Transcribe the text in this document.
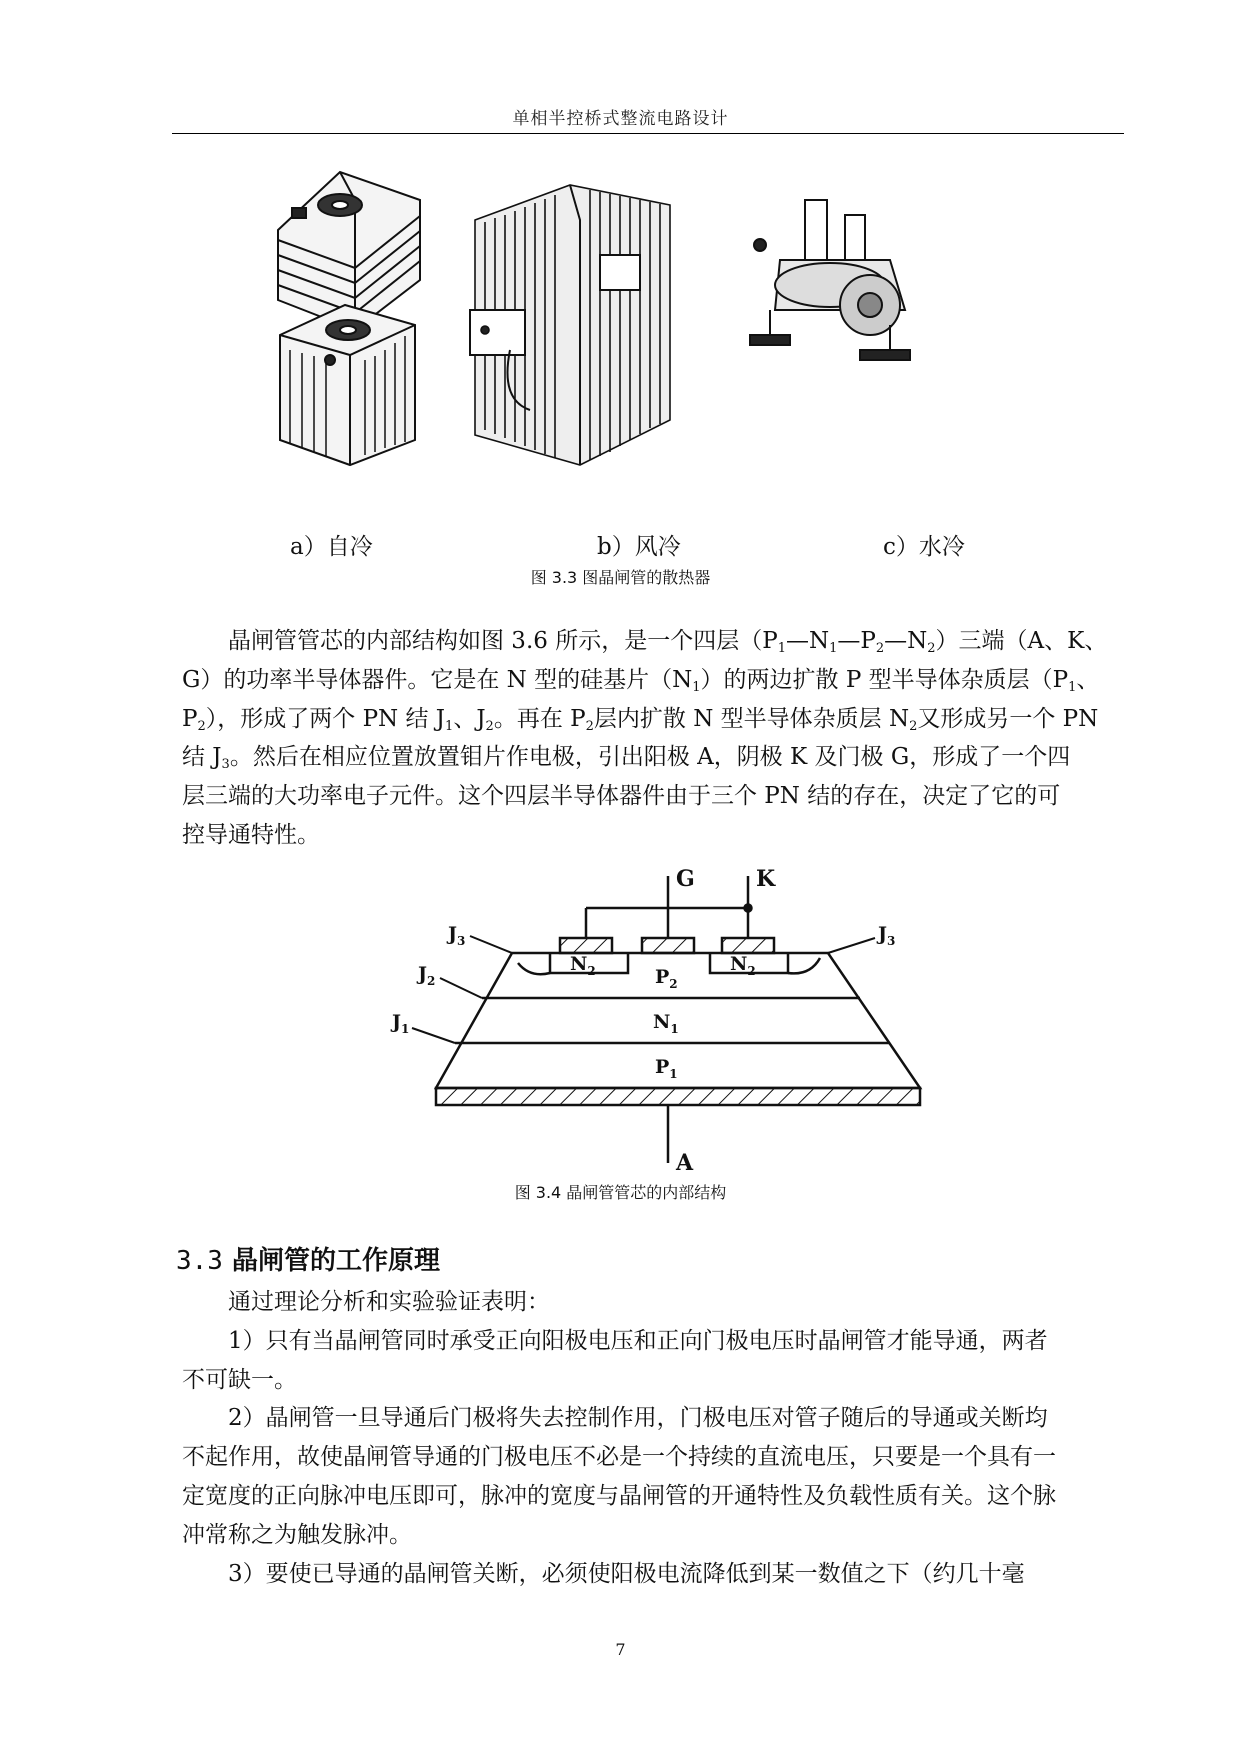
单相半控桥式整流电路设计
a）自冷	b）风冷	c）水冷
图 3.3 图晶闸管的散热器
晶闸管管芯的内部结构如图 3.6 所示，是一个四层$(P_1—N_1—P_2—N_2)$三端（A、K、
G）的功率半导体器件。它是在 N 型的硅基片$(N_1)$的两边扩散 P 型半导体杂质层（$P_1$、
$P_2$），形成了两个 PN 结 $J_1$、$J_2$。再在 $P_2$层内扩散 N 型半导体杂质层 $N_2$又形成另一个 PN
结 $J_3$。然后在相应位置放置钼片作电极，引出阳极 A，阴极 K 及门极 G，形成了一个四
层三端的大功率电子元件。这个四层半导体器件由于三个 PN 结的存在，决定了它的可
控导通特性。
G	K
A
$J_3$	$J_3$
$J_2$
$J_1$
$N_2$	$N_2$
$P_2$
$N_1$
$P_1$
图 3.4 晶闸管管芯的内部结构
3.3 晶闸管的工作原理
通过理论分析和实验验证表明：
1）只有当晶闸管同时承受正向阳极电压和正向门极电压时晶闸管才能导通，两者
不可缺一。
2）晶闸管一旦导通后门极将失去控制作用，门极电压对管子随后的导通或关断均
不起作用，故使晶闸管导通的门极电压不必是一个持续的直流电压，只要是一个具有一
定宽度的正向脉冲电压即可，脉冲的宽度与晶闸管的开通特性及负载性质有关。这个脉
冲常称之为触发脉冲。
3）要使已导通的晶闸管关断，必须使阳极电流降低到某一数值之下（约几十毫
7
